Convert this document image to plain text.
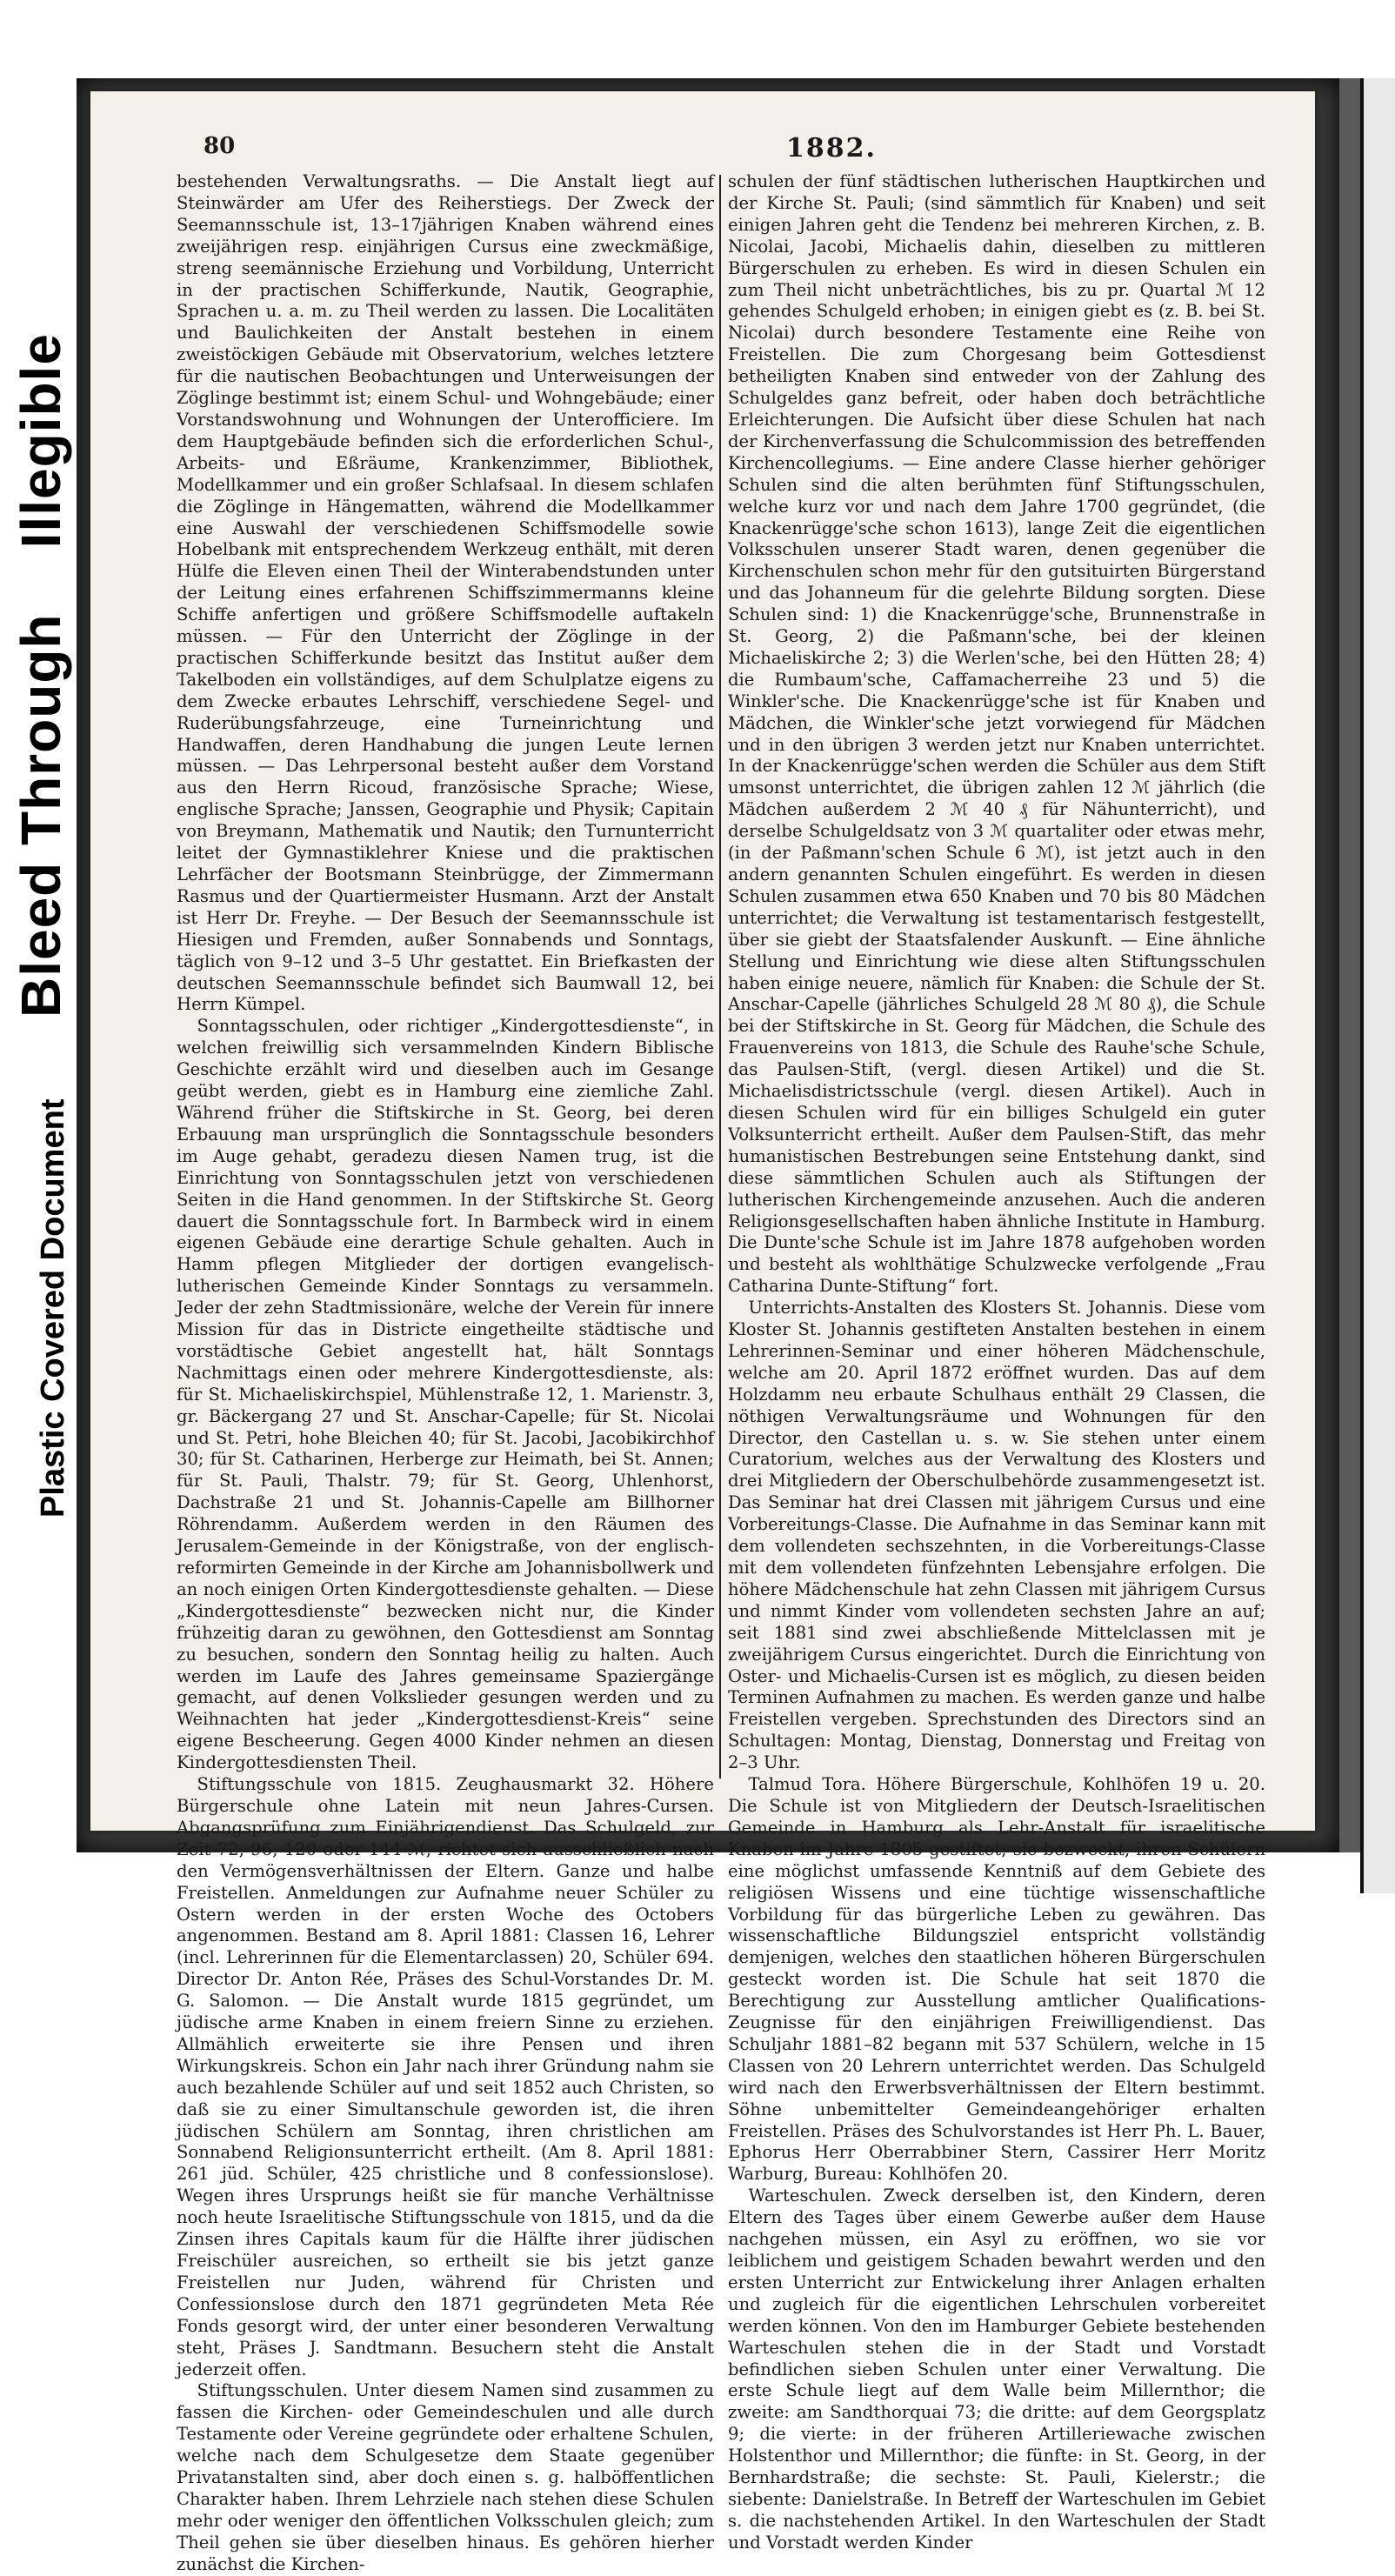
Bleed Through    Illegible
Plastic Covered Document
80	1882.

bestehenden Verwaltungsraths. — Die Anstalt liegt auf Steinwärder am Ufer des Reiherstiegs. Der Zweck der Seemannsschule ist, 13–17jährigen Knaben während eines zweijährigen resp. einjährigen Cursus eine zweckmäßige, streng seemännische Erziehung und Vorbildung, Unterricht in der practischen Schifferkunde, Nautik, Geographie, Sprachen u. a. m. zu Theil werden zu lassen. Die Localitäten und Baulichkeiten der Anstalt bestehen in einem zweistöckigen Gebäude mit Observatorium, welches letztere für die nautischen Beobachtungen und Unterweisungen der Zöglinge bestimmt ist; einem Schul- und Wohngebäude; einer Vorstandswohnung und Wohnungen der Unterofficiere. Im dem Hauptgebäude befinden sich die erforderlichen Schul-, Arbeits- und Eßräume, Krankenzimmer, Bibliothek, Modellkammer und ein großer Schlafsaal. In diesem schlafen die Zöglinge in Hängematten, während die Modellkammer eine Auswahl der verschiedenen Schiffsmodelle sowie Hobelbank mit entsprechendem Werkzeug enthält, mit deren Hülfe die Eleven einen Theil der Winterabendstunden unter der Leitung eines erfahrenen Schiffszimmermanns kleine Schiffe anfertigen und größere Schiffsmodelle auftakeln müssen. — Für den Unterricht der Zöglinge in der practischen Schifferkunde besitzt das Institut außer dem Takelboden ein vollständiges, auf dem Schulplatze eigens zu dem Zwecke erbautes Lehrschiff, verschiedene Segel- und Ruderübungsfahrzeuge, eine Turneinrichtung und Handwaffen, deren Handhabung die jungen Leute lernen müssen. — Das Lehrpersonal besteht außer dem Vorstand aus den Herrn Ricoud, französische Sprache; Wiese, englische Sprache; Janssen, Geographie und Physik; Capitain von Breymann, Mathematik und Nautik; den Turnunterricht leitet der Gymnastiklehrer Kniese und die praktischen Lehrfächer der Bootsmann Steinbrügge, der Zimmermann Rasmus und der Quartiermeister Husmann. Arzt der Anstalt ist Herr Dr. Freyhe. — Der Besuch der Seemannsschule ist Hiesigen und Fremden, außer Sonnabends und Sonntags, täglich von 9–12 und 3–5 Uhr gestattet. Ein Briefkasten der deutschen Seemannsschule befindet sich Baumwall 12, bei Herrn Kümpel.

Sonntagsschulen, oder richtiger „Kindergottesdienste“, in welchen freiwillig sich versammelnden Kindern Biblische Geschichte erzählt wird und dieselben auch im Gesange geübt werden, giebt es in Hamburg eine ziemliche Zahl. Während früher die Stiftskirche in St. Georg, bei deren Erbauung man ursprünglich die Sonntagsschule besonders im Auge gehabt, geradezu diesen Namen trug, ist die Einrichtung von Sonntagsschulen jetzt von verschiedenen Seiten in die Hand genommen. In der Stiftskirche St. Georg dauert die Sonntagsschule fort. In Barmbeck wird in einem eigenen Gebäude eine derartige Schule gehalten. Auch in Hamm pflegen Mitglieder der dortigen evangelisch-lutherischen Gemeinde Kinder Sonntags zu versammeln. Jeder der zehn Stadtmissionäre, welche der Verein für innere Mission für das in Districte eingetheilte städtische und vorstädtische Gebiet angestellt hat, hält Sonntags Nachmittags einen oder mehrere Kindergottesdienste, als: für St. Michaeliskirchspiel, Mühlenstraße 12, 1. Marienstr. 3, gr. Bäckergang 27 und St. Anschar-Capelle; für St. Nicolai und St. Petri, hohe Bleichen 40; für St. Jacobi, Jacobikirchhof 30; für St. Catharinen, Herberge zur Heimath, bei St. Annen; für St. Pauli, Thalstr. 79; für St. Georg, Uhlenhorst, Dachstraße 21 und St. Johannis-Capelle am Billhorner Röhrendamm. Außerdem werden in den Räumen des Jerusalem-Gemeinde in der Königstraße, von der englisch-reformirten Gemeinde in der Kirche am Johannisbollwerk und an noch einigen Orten Kindergottesdienste gehalten. — Diese „Kindergottesdienste“ bezwecken nicht nur, die Kinder frühzeitig daran zu gewöhnen, den Gottesdienst am Sonntag zu besuchen, sondern den Sonntag heilig zu halten. Auch werden im Laufe des Jahres gemeinsame Spaziergänge gemacht, auf denen Volkslieder gesungen werden und zu Weihnachten hat jeder „Kindergottesdienst-Kreis“ seine eigene Bescheerung. Gegen 4000 Kinder nehmen an diesen Kindergottesdiensten Theil.

Stiftungsschule von 1815. Zeughausmarkt 32. Höhere Bürgerschule ohne Latein mit neun Jahres-Cursen. Abgangsprüfung zum Einjährigendienst. Das Schulgeld, zur Zeit 72, 96, 120 oder 144 ℳ, richtet sich ausschließlich nach den Vermögensverhältnissen der Eltern. Ganze und halbe Freistellen. Anmeldungen zur Aufnahme neuer Schüler zu Ostern werden in der ersten Woche des Octobers angenommen. Bestand am 8. April 1881: Classen 16, Lehrer (incl. Lehrerinnen für die Elementarclassen) 20, Schüler 694. Director Dr. Anton Rée, Präses des Schul-Vorstandes Dr. M. G. Salomon. — Die Anstalt wurde 1815 gegründet, um jüdische arme Knaben in einem freiern Sinne zu erziehen. Allmählich erweiterte sie ihre Pensen und ihren Wirkungskreis. Schon ein Jahr nach ihrer Gründung nahm sie auch bezahlende Schüler auf und seit 1852 auch Christen, so daß sie zu einer Simultanschule geworden ist, die ihren jüdischen Schülern am Sonntag, ihren christlichen am Sonnabend Religionsunterricht ertheilt. (Am 8. April 1881: 261 jüd. Schüler, 425 christliche und 8 confessionslose). Wegen ihres Ursprungs heißt sie für manche Verhältnisse noch heute Israelitische Stiftungsschule von 1815, und da die Zinsen ihres Capitals kaum für die Hälfte ihrer jüdischen Freischüler ausreichen, so ertheilt sie bis jetzt ganze Freistellen nur Juden, während für Christen und Confessionslose durch den 1871 gegründeten Meta Rée Fonds gesorgt wird, der unter einer besonderen Verwaltung steht, Präses J. Sandtmann. Besuchern steht die Anstalt jederzeit offen.

Stiftungsschulen. Unter diesem Namen sind zusammen zu fassen die Kirchen- oder Gemeindeschulen und alle durch Testamente oder Vereine gegründete oder erhaltene Schulen, welche nach dem Schulgesetze dem Staate gegenüber Privatanstalten sind, aber doch einen s. g. halböffentlichen Charakter haben. Ihrem Lehrziele nach stehen diese Schulen mehr oder weniger den öffentlichen Volksschulen gleich; zum Theil gehen sie über dieselben hinaus. Es gehören hierher zunächst die Kirchen-

schulen der fünf städtischen lutherischen Hauptkirchen und der Kirche St. Pauli; (sind sämmtlich für Knaben) und seit einigen Jahren geht die Tendenz bei mehreren Kirchen, z. B. Nicolai, Jacobi, Michaelis dahin, dieselben zu mittleren Bürgerschulen zu erheben. Es wird in diesen Schulen ein zum Theil nicht unbeträchtliches, bis zu pr. Quartal ℳ 12 gehendes Schulgeld erhoben; in einigen giebt es (z. B. bei St. Nicolai) durch besondere Testamente eine Reihe von Freistellen. Die zum Chorgesang beim Gottesdienst betheiligten Knaben sind entweder von der Zahlung des Schulgeldes ganz befreit, oder haben doch beträchtliche Erleichterungen. Die Aufsicht über diese Schulen hat nach der Kirchenverfassung die Schulcommission des betreffenden Kirchencollegiums. — Eine andere Classe hierher gehöriger Schulen sind die alten berühmten fünf Stiftungsschulen, welche kurz vor und nach dem Jahre 1700 gegründet, (die Knackenrügge'sche schon 1613), lange Zeit die eigentlichen Volksschulen unserer Stadt waren, denen gegenüber die Kirchenschulen schon mehr für den gutsituirten Bürgerstand und das Johanneum für die gelehrte Bildung sorgten. Diese Schulen sind: 1) die Knackenrügge'sche, Brunnenstraße in St. Georg, 2) die Paßmann'sche, bei der kleinen Michaeliskirche 2; 3) die Werlen'sche, bei den Hütten 28; 4) die Rumbaum'sche, Caffamacherreihe 23 und 5) die Winkler'sche. Die Knackenrügge'sche ist für Knaben und Mädchen, die Winkler'sche jetzt vorwiegend für Mädchen und in den übrigen 3 werden jetzt nur Knaben unterrichtet. In der Knackenrügge'schen werden die Schüler aus dem Stift umsonst unterrichtet, die übrigen zahlen 12 ℳ jährlich (die Mädchen außerdem 2 ℳ 40 ₰ für Nähunterricht), und derselbe Schulgeldsatz von 3 ℳ quartaliter oder etwas mehr, (in der Paßmann'schen Schule 6 ℳ), ist jetzt auch in den andern genannten Schulen eingeführt. Es werden in diesen Schulen zusammen etwa 650 Knaben und 70 bis 80 Mädchen unterrichtet; die Verwaltung ist testamentarisch festgestellt, über sie giebt der Staatsfalender Auskunft. — Eine ähnliche Stellung und Einrichtung wie diese alten Stiftungsschulen haben einige neuere, nämlich für Knaben: die Schule der St. Anschar-Capelle (jährliches Schulgeld 28 ℳ 80 ₰), die Schule bei der Stiftskirche in St. Georg für Mädchen, die Schule des Frauenvereins von 1813, die Schule des Rauhe'sche Schule, das Paulsen-Stift, (vergl. diesen Artikel) und die St. Michaelisdistrictsschule (vergl. diesen Artikel). Auch in diesen Schulen wird für ein billiges Schulgeld ein guter Volksunterricht ertheilt. Außer dem Paulsen-Stift, das mehr humanistischen Bestrebungen seine Entstehung dankt, sind diese sämmtlichen Schulen auch als Stiftungen der lutherischen Kirchengemeinde anzusehen. Auch die anderen Religionsgesellschaften haben ähnliche Institute in Hamburg. Die Dunte'sche Schule ist im Jahre 1878 aufgehoben worden und besteht als wohlthätige Schulzwecke verfolgende „Frau Catharina Dunte-Stiftung“ fort.

Unterrichts-Anstalten des Klosters St. Johannis. Diese vom Kloster St. Johannis gestifteten Anstalten bestehen in einem Lehrerinnen-Seminar und einer höheren Mädchenschule, welche am 20. April 1872 eröffnet wurden. Das auf dem Holzdamm neu erbaute Schulhaus enthält 29 Classen, die nöthigen Verwaltungsräume und Wohnungen für den Director, den Castellan u. s. w. Sie stehen unter einem Curatorium, welches aus der Verwaltung des Klosters und drei Mitgliedern der Oberschulbehörde zusammengesetzt ist. Das Seminar hat drei Classen mit jährigem Cursus und eine Vorbereitungs-Classe. Die Aufnahme in das Seminar kann mit dem vollendeten sechszehnten, in die Vorbereitungs-Classe mit dem vollendeten fünfzehnten Lebensjahre erfolgen. Die höhere Mädchenschule hat zehn Classen mit jährigem Cursus und nimmt Kinder vom vollendeten sechsten Jahre an auf; seit 1881 sind zwei abschließende Mittelclassen mit je zweijährigem Cursus eingerichtet. Durch die Einrichtung von Oster- und Michaelis-Cursen ist es möglich, zu diesen beiden Terminen Aufnahmen zu machen. Es werden ganze und halbe Freistellen vergeben. Sprechstunden des Directors sind an Schultagen: Montag, Dienstag, Donnerstag und Freitag von 2–3 Uhr.

Talmud Tora. Höhere Bürgerschule, Kohlhöfen 19 u. 20. Die Schule ist von Mitgliedern der Deutsch-Israelitischen Gemeinde in Hamburg als Lehr-Anstalt für israelitische Knaben im Jahre 1805 gestiftet; sie bezweckt, ihren Schülern eine möglichst umfassende Kenntniß auf dem Gebiete des religiösen Wissens und eine tüchtige wissenschaftliche Vorbildung für das bürgerliche Leben zu gewähren. Das wissenschaftliche Bildungsziel entspricht vollständig demjenigen, welches den staatlichen höheren Bürgerschulen gesteckt worden ist. Die Schule hat seit 1870 die Berechtigung zur Ausstellung amtlicher Qualifications-Zeugnisse für den einjährigen Freiwilligendienst. Das Schuljahr 1881–82 begann mit 537 Schülern, welche in 15 Classen von 20 Lehrern unterrichtet werden. Das Schulgeld wird nach den Erwerbsverhältnissen der Eltern bestimmt. Söhne unbemittelter Gemeindeangehöriger erhalten Freistellen. Präses des Schulvorstandes ist Herr Ph. L. Bauer, Ephorus Herr Oberrabbiner Stern, Cassirer Herr Moritz Warburg, Bureau: Kohlhöfen 20.

Warteschulen. Zweck derselben ist, den Kindern, deren Eltern des Tages über einem Gewerbe außer dem Hause nachgehen müssen, ein Asyl zu eröffnen, wo sie vor leiblichem und geistigem Schaden bewahrt werden und den ersten Unterricht zur Entwickelung ihrer Anlagen erhalten und zugleich für die eigentlichen Lehrschulen vorbereitet werden können. Von den im Hamburger Gebiete bestehenden Warteschulen stehen die in der Stadt und Vorstadt befindlichen sieben Schulen unter einer Verwaltung. Die erste Schule liegt auf dem Walle beim Millernthor; die zweite: am Sandthorquai 73; die dritte: auf dem Georgsplatz 9; die vierte: in der früheren Artilleriewache zwischen Holstenthor und Millernthor; die fünfte: in St. Georg, in der Bernhardstraße; die sechste: St. Pauli, Kielerstr.; die siebente: Danielstraße. In Betreff der Warteschulen im Gebiet s. die nachstehenden Artikel. In den Warteschulen der Stadt und Vorstadt werden Kinder
